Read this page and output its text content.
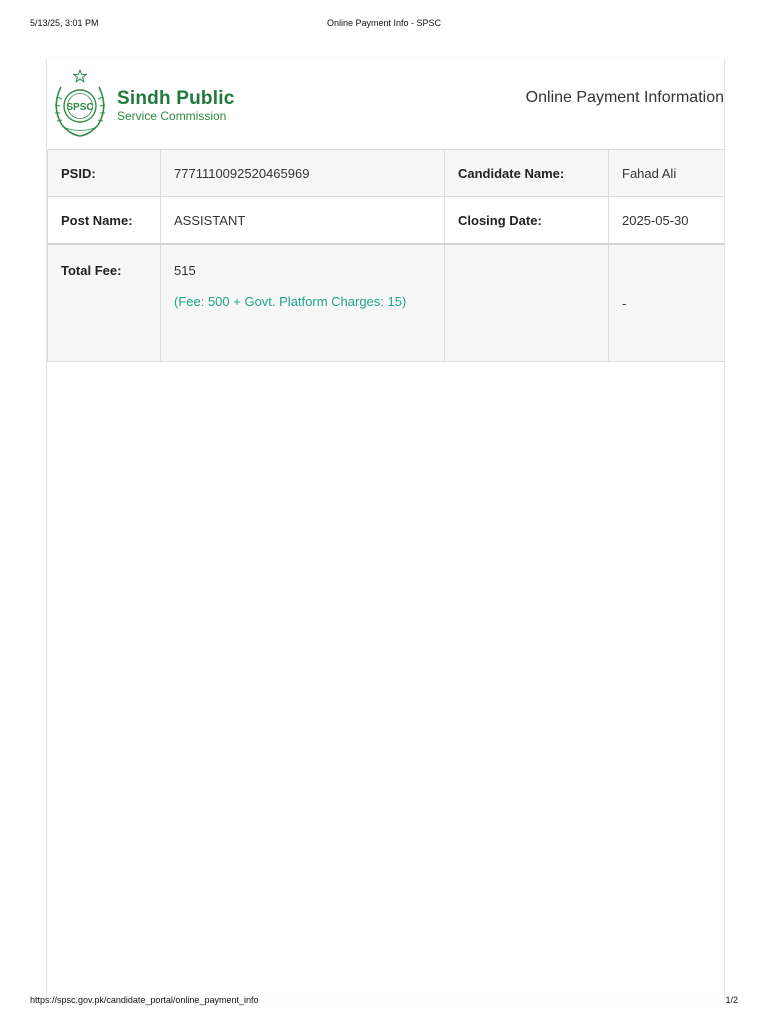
5/13/25, 3:01 PM	Online Payment Info - SPSC
SPSC Sindh Public
Service Commission
Online Payment Information
PSID:	7771110092520465969	Candidate Name:	Fahad Ali
Post Name:	ASSISTANT	Closing Date:	2025-05-30
Total Fee:	515
(Fee: 500 + Govt. Platform Charges: 15)		-
https://spsc.gov.pk/candidate_portal/online_payment_info	1/2
